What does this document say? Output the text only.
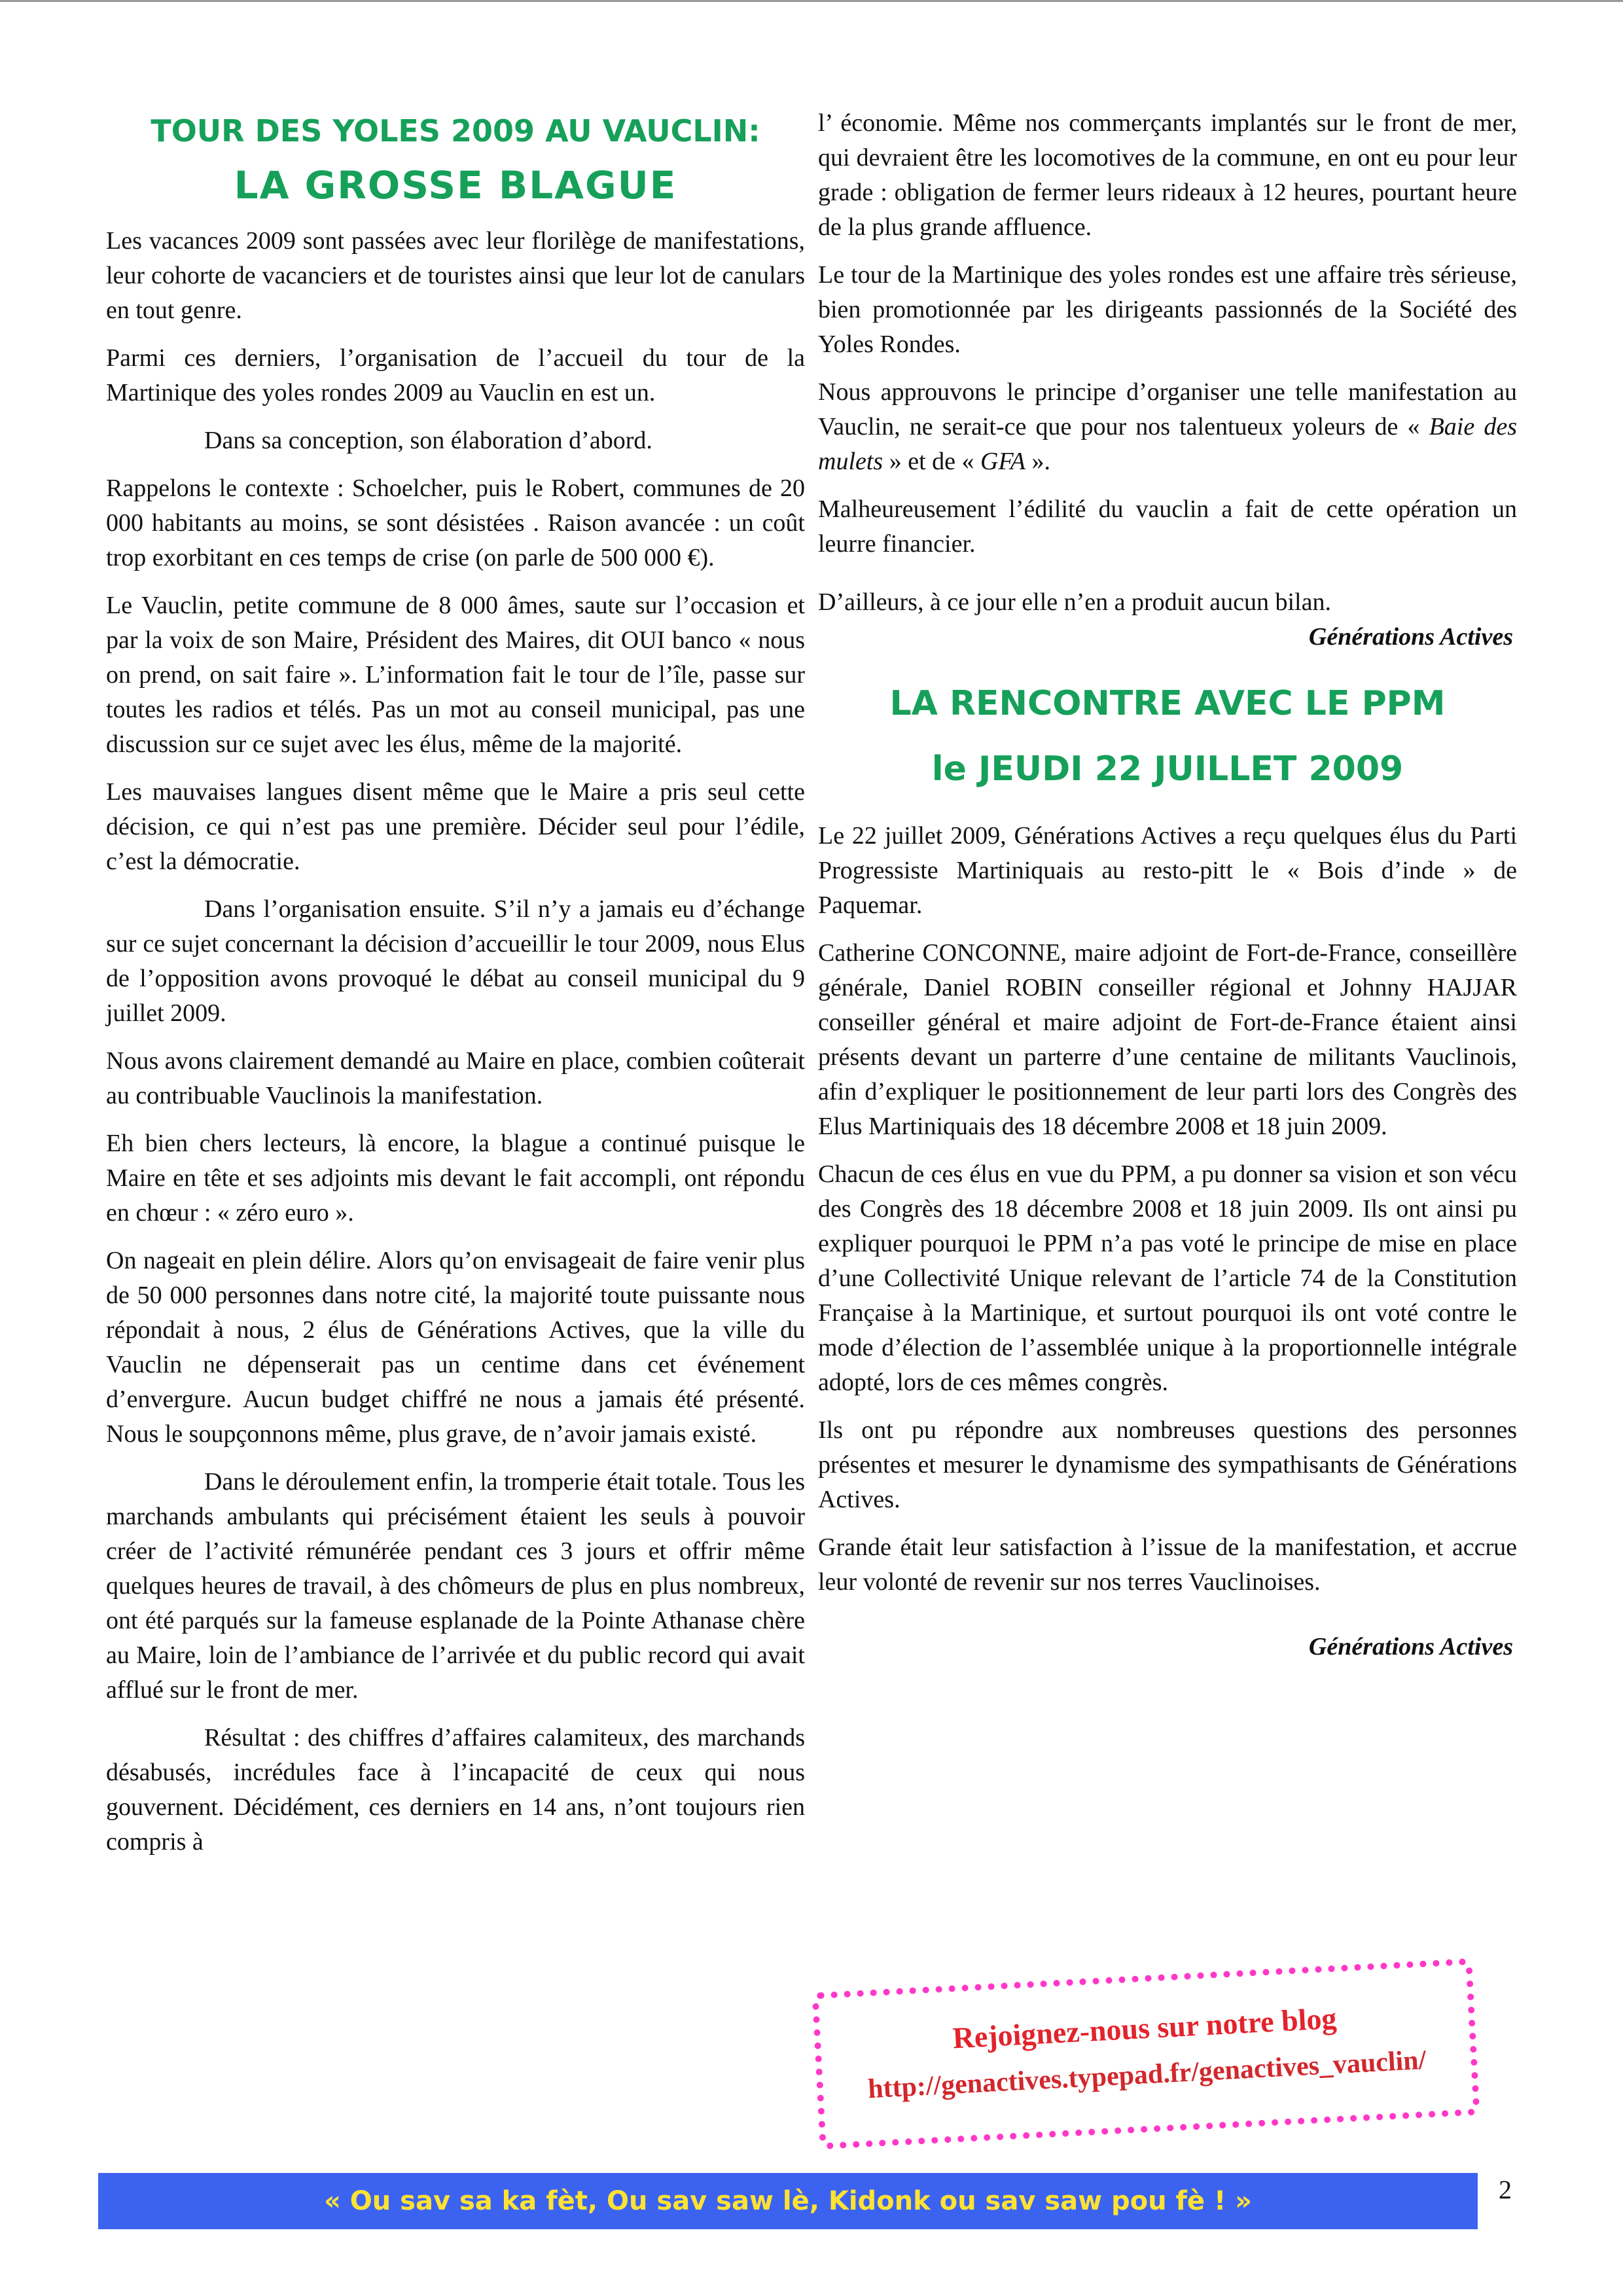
TOUR DES YOLES 2009 AU VAUCLIN:
LA GROSSE BLAGUE

Les vacances 2009 sont passées avec leur florilège de manifestations, leur cohorte de vacanciers et de touristes ainsi que leur lot de canulars en tout genre.

Parmi ces derniers, l’organisation de l’accueil du tour de la Martinique des yoles rondes 2009 au Vauclin en est un.

Dans sa conception, son élaboration d’abord.

Rappelons le contexte : Schoelcher, puis le Robert, communes de 20 000 habitants au moins, se sont désistées . Raison avancée : un coût trop exorbitant en ces temps de crise (on parle de 500 000 €).

Le Vauclin, petite commune de 8 000 âmes, saute sur l’occasion et par la voix de son Maire, Président des Maires, dit OUI banco « nous on prend, on sait faire ». L’information fait le tour de l’île, passe sur toutes les radios et télés. Pas un mot au conseil municipal, pas une discussion sur ce sujet avec les élus, même de la majorité.

Les mauvaises langues disent même que le Maire a pris seul cette décision, ce qui n’est pas une première. Décider seul pour l’édile, c’est la démocratie.

Dans l’organisation ensuite. S’il n’y a jamais eu d’échange sur ce sujet concernant la décision d’accueillir le tour 2009, nous Elus de l’opposition avons provoqué le débat au conseil municipal du 9 juillet 2009.

Nous avons clairement demandé au Maire en place, combien coûterait au contribuable Vauclinois la manifestation.

Eh bien chers lecteurs, là encore, la blague a continué puisque le Maire en tête et ses adjoints mis devant le fait accompli, ont répondu en chœur : « zéro euro ».

On nageait en plein délire. Alors qu’on envisageait de faire venir plus de 50 000 personnes dans notre cité, la majorité toute puissante nous répondait à nous, 2 élus de Générations Actives, que la ville du Vauclin ne dépenserait pas un centime dans cet événement d’envergure. Aucun budget chiffré ne nous a jamais été présenté. Nous le soupçonnons même, plus grave, de n’avoir jamais existé.

Dans le déroulement enfin, la tromperie était totale. Tous les marchands ambulants qui précisément étaient les seuls à pouvoir créer de l’activité rémunérée pendant ces 3 jours et offrir même quelques heures de travail, à des chômeurs de plus en plus nombreux, ont été parqués sur la fameuse esplanade de la Pointe Athanase chère au Maire, loin de l’ambiance de l’arrivée et du public record qui avait afflué sur le front de mer.

Résultat : des chiffres d’affaires calamiteux, des marchands désabusés, incrédules face à l’incapacité de ceux qui nous gouvernent. Décidément, ces derniers en 14 ans, n’ont toujours rien compris à

l’ économie. Même nos commerçants implantés sur le front de mer, qui devraient être les locomotives de la commune, en ont eu pour leur grade : obligation de fermer leurs rideaux à 12 heures, pourtant heure de la plus grande affluence.

Le tour de la Martinique des yoles rondes est une affaire très sérieuse, bien promotionnée par les dirigeants passionnés de la Société des Yoles Rondes.

Nous approuvons le principe d’organiser une telle manifestation au Vauclin, ne serait-ce que pour nos talentueux yoleurs de « Baie des mulets » et de « GFA ».

Malheureusement l’édilité du vauclin a fait de cette opération un leurre financier.

D’ailleurs, à ce jour elle n’en a produit aucun bilan.

Générations Actives
LA RENCONTRE AVEC LE PPM
le JEUDI 22 JUILLET 2009

Le 22 juillet 2009, Générations Actives a reçu quelques élus du Parti Progressiste Martiniquais au resto-pitt le « Bois d’inde » de Paquemar.

Catherine CONCONNE, maire adjoint de Fort-de-France, conseillère générale, Daniel ROBIN conseiller régional et Johnny HAJJAR conseiller général et maire adjoint de Fort-de-France étaient ainsi présents devant un parterre d’une centaine de militants Vauclinois, afin d’expliquer le positionnement de leur parti lors des Congrès des Elus Martiniquais des 18 décembre 2008 et 18 juin 2009.

Chacun de ces élus en vue du PPM, a pu donner sa vision et son vécu des Congrès des 18 décembre 2008 et 18 juin 2009. Ils ont ainsi pu expliquer pourquoi le PPM n’a pas voté le principe de mise en place d’une Collectivité Unique relevant de l’article 74 de la Constitution Française à la Martinique, et surtout pourquoi ils ont voté contre le mode d’élection de l’assemblée unique à la proportionnelle intégrale adopté, lors de ces mêmes congrès.

Ils ont pu répondre aux nombreuses questions des personnes présentes et mesurer le dynamisme des sympathisants de Générations Actives.

Grande était leur satisfaction à l’issue de la manifestation, et accrue leur volonté de revenir sur nos terres Vauclinoises.

Générations Actives
Rejoignez-nous sur notre blog
http://genactives.typepad.fr/genactives_vauclin/
« Ou sav sa ka fèt, Ou sav saw lè, Kidonk ou sav saw pou fè ! »	2
